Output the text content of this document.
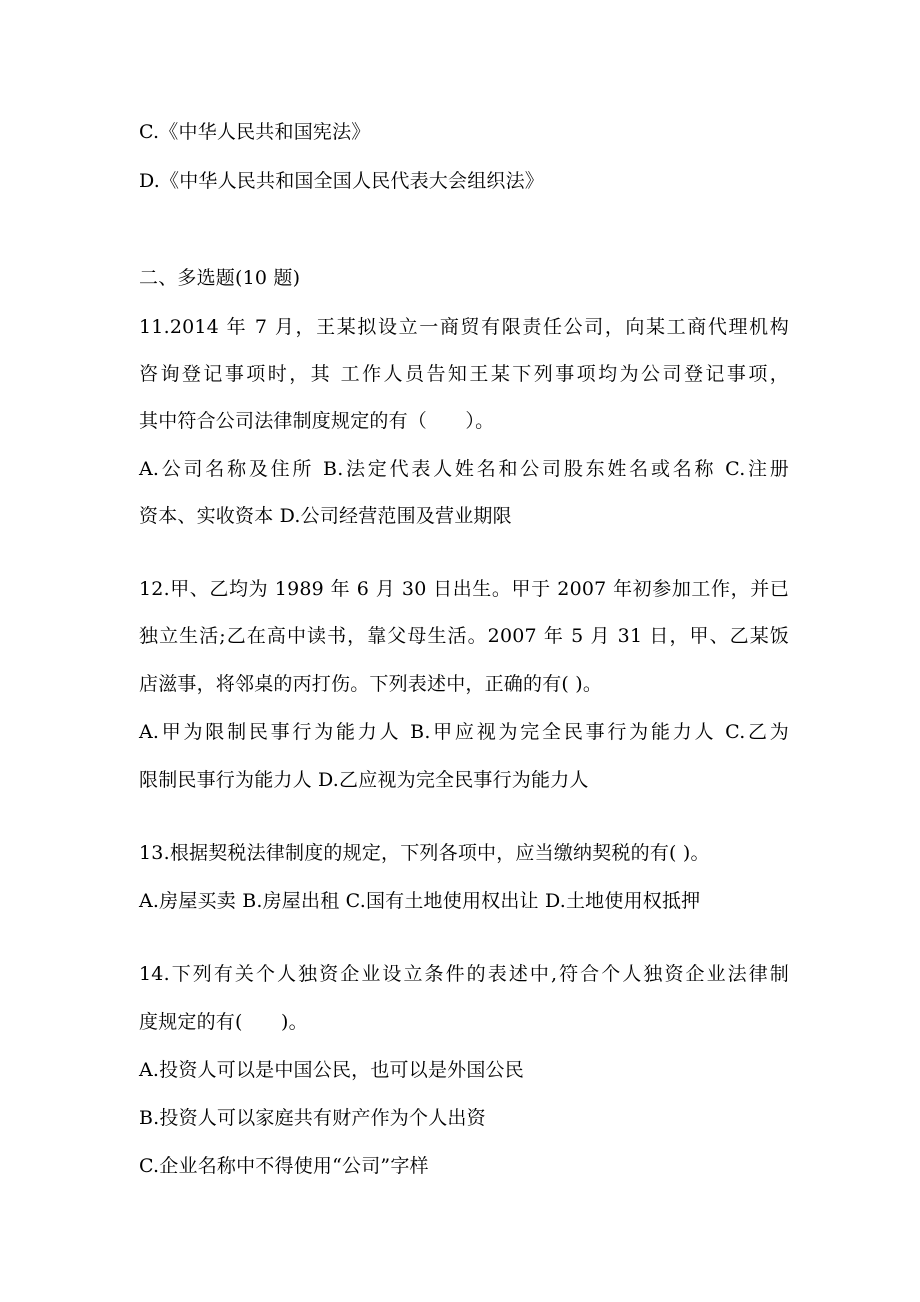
C.《中华人民共和国宪法》
D.《中华人民共和国全国人民代表大会组织法》
二、多选题(10 题)
11.2014 年 7 月，王某拟设立一商贸有限责任公司，向某工商代理机构
咨询登记事项时，其 工作人员告知王某下列事项均为公司登记事项，
其中符合公司法律制度规定的有（　　）。
A.公司名称及住所 B.法定代表人姓名和公司股东姓名或名称 C.注册
资本、实收资本 D.公司经营范围及营业期限
12.甲、乙均为 1989 年 6 月 30 日出生。甲于 2007 年初参加工作，并已
独立生活;乙在高中读书，靠父母生活。2007 年 5 月 31 日，甲、乙某饭
店滋事，将邻桌的丙打伤。下列表述中，正确的有( )。
A.甲为限制民事行为能力人 B.甲应视为完全民事行为能力人 C.乙为
限制民事行为能力人 D.乙应视为完全民事行为能力人
13.根据契税法律制度的规定，下列各项中，应当缴纳契税的有( )。
A.房屋买卖 B.房屋出租 C.国有土地使用权出让 D.土地使用权抵押
14.下列有关个人独资企业设立条件的表述中,符合个人独资企业法律制
度规定的有(　　)。
A.投资人可以是中国公民，也可以是外国公民
B.投资人可以家庭共有财产作为个人出资
C.企业名称中不得使用“公司”字样
